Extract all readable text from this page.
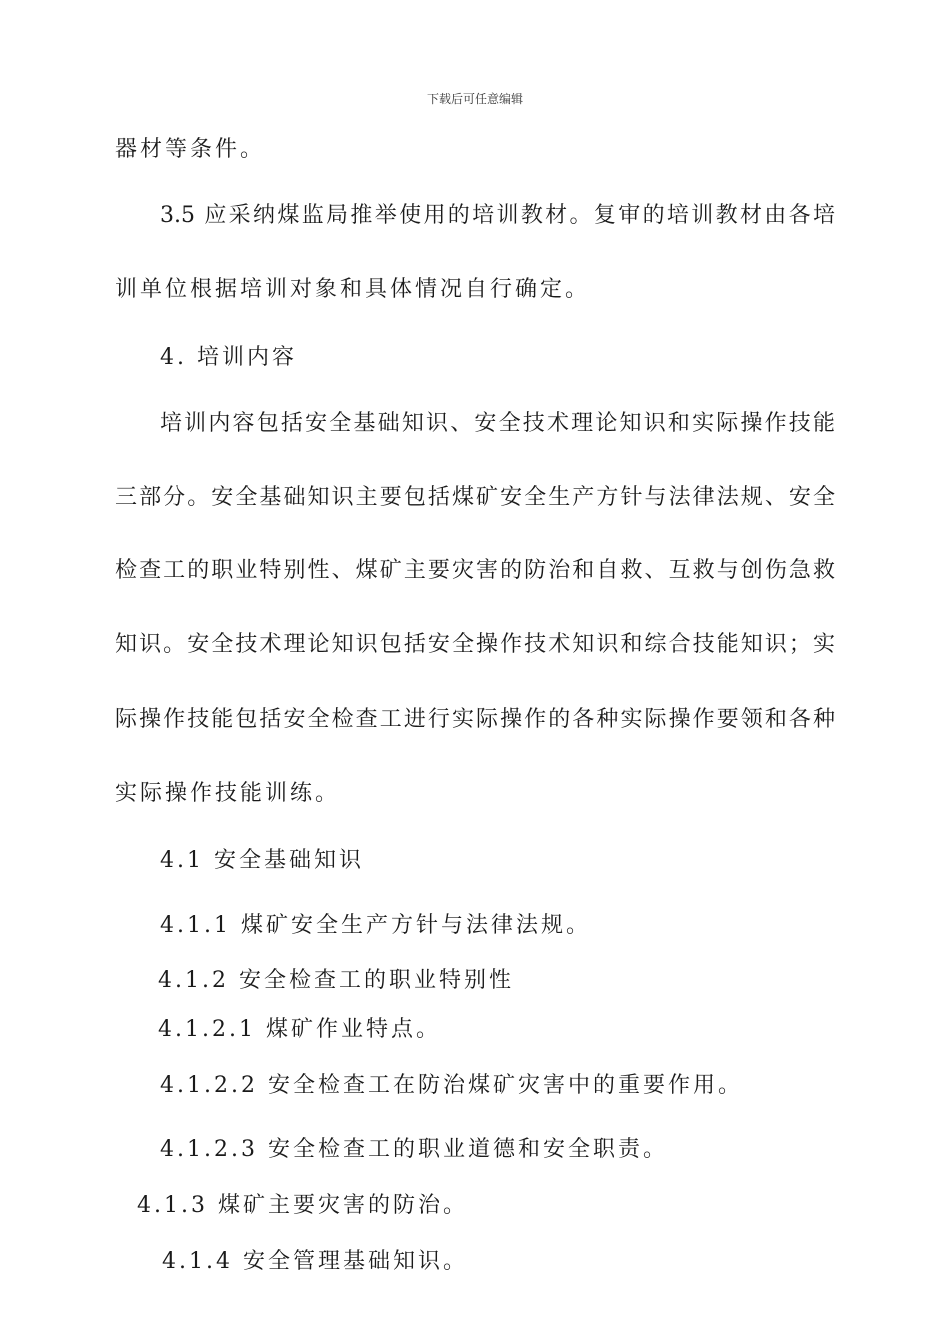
下载后可任意编辑
器材等条件。
3.5 应采纳煤监局推举使用的培训教材。复审的培训教材由各培
训单位根据培训对象和具体情况自行确定。
4. 培训内容
培训内容包括安全基础知识、安全技术理论知识和实际操作技能
三部分。安全基础知识主要包括煤矿安全生产方针与法律法规、安全
检查工的职业特别性、煤矿主要灾害的防治和自救、互救与创伤急救
知识。安全技术理论知识包括安全操作技术知识和综合技能知识；实
际操作技能包括安全检查工进行实际操作的各种实际操作要领和各种
实际操作技能训练。
4.1 安全基础知识
4.1.1 煤矿安全生产方针与法律法规。
4.1.2 安全检查工的职业特别性
4.1.2.1 煤矿作业特点。
4.1.2.2 安全检查工在防治煤矿灾害中的重要作用。
4.1.2.3 安全检查工的职业道德和安全职责。
4.1.3 煤矿主要灾害的防治。
4.1.4 安全管理基础知识。
